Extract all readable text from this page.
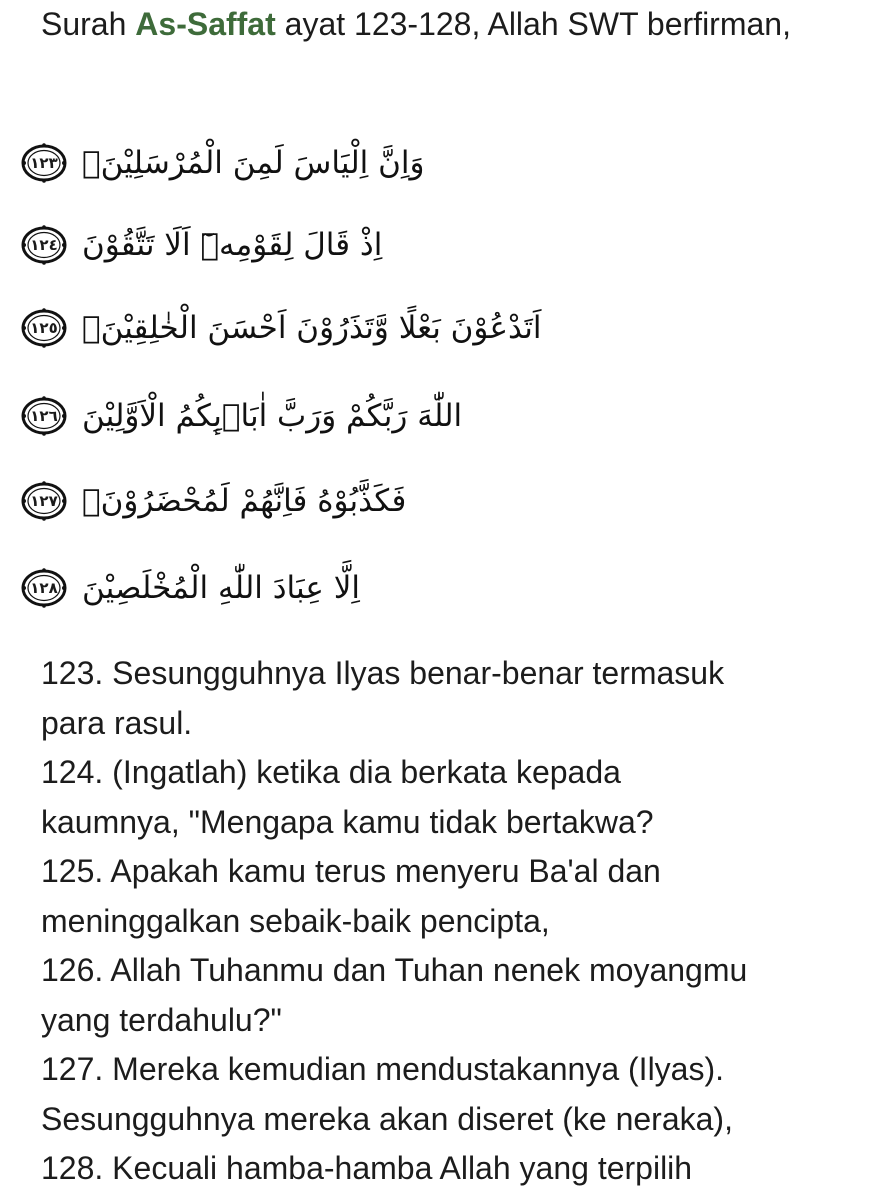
Surah As-Saffat ayat 123-128, Allah SWT berfirman,

١٢٣ وَاِنَّ اِلْيَاسَ لَمِنَ الْمُرْسَلِيْنَۗ
١٢٤ اِذْ قَالَ لِقَوْمِهٖٓ اَلَا تَتَّقُوْنَ
١٢٥ اَتَدْعُوْنَ بَعْلًا وَّتَذَرُوْنَ اَحْسَنَ الْخٰلِقِيْنَۙ
١٢٦ اللّٰهَ رَبَّكُمْ وَرَبَّ اٰبَاۤىِٕكُمُ الْاَوَّلِيْنَ
١٢٧ فَكَذَّبُوْهُ فَاِنَّهُمْ لَمُحْضَرُوْنَۙ
١٢٨ اِلَّا عِبَادَ اللّٰهِ الْمُخْلَصِيْنَ
123. Sesungguhnya Ilyas benar-benar termasuk
para rasul.
124. (Ingatlah) ketika dia berkata kepada
kaumnya, "Mengapa kamu tidak bertakwa?
125. Apakah kamu terus menyeru Ba'al dan
meninggalkan sebaik-baik pencipta,
126. Allah Tuhanmu dan Tuhan nenek moyangmu
yang terdahulu?"
127. Mereka kemudian mendustakannya (Ilyas).
Sesungguhnya mereka akan diseret (ke neraka),
128. Kecuali hamba-hamba Allah yang terpilih
